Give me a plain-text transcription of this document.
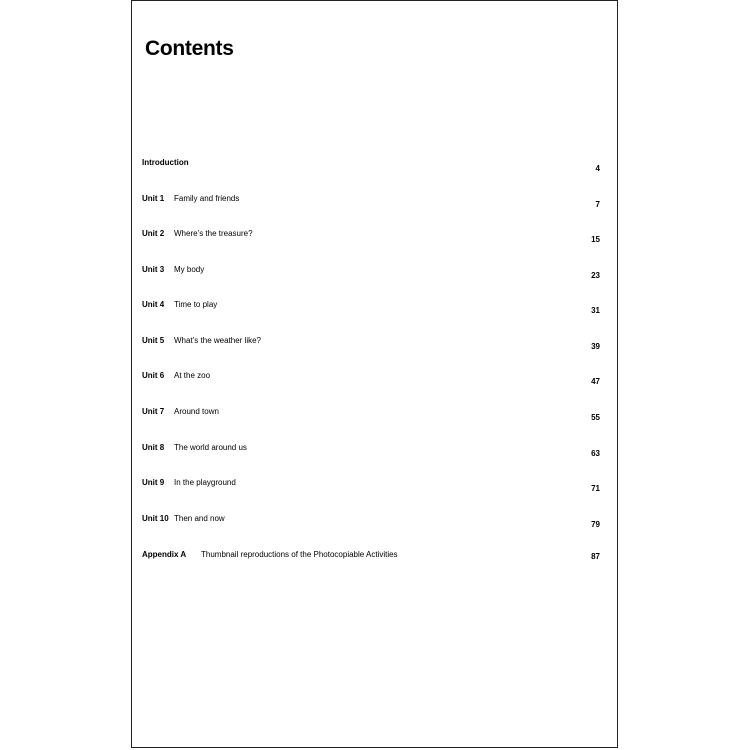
Contents
Introduction
4
Unit 1 Family and friends
7
Unit 2 Where’s the treasure?
15
Unit 3 My body
23
Unit 4 Time to play
31
Unit 5 What’s the weather like?
39
Unit 6 At the zoo
47
Unit 7 Around town
55
Unit 8 The world around us
63
Unit 9 In the playground
71
Unit 10 Then and now
79
Appendix A Thumbnail reproductions of the Photocopiable Activities	87
